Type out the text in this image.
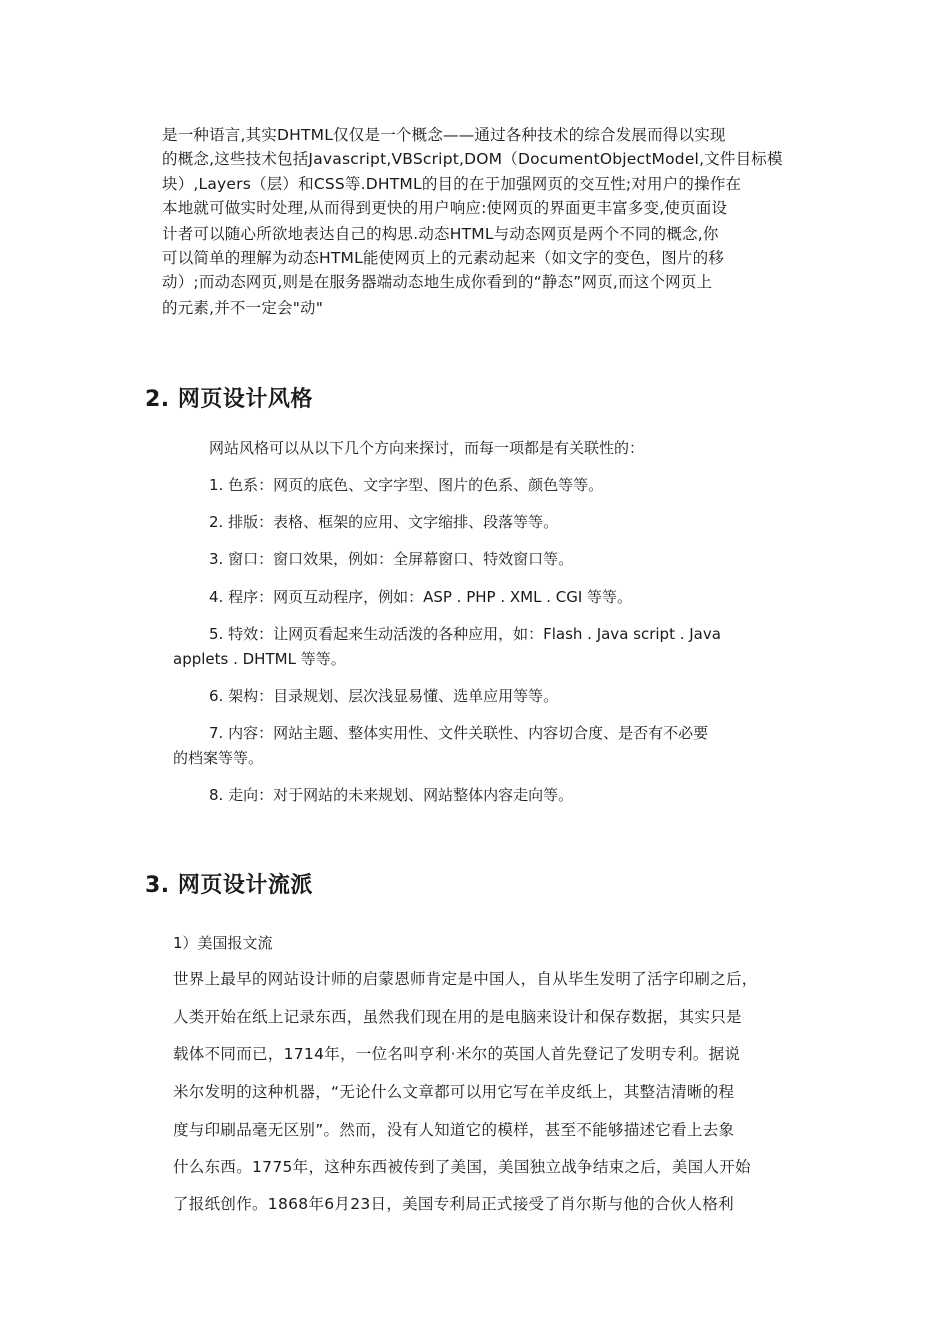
是一种语言,其实DHTML仅仅是一个概念——通过各种技术的综合发展而得以实现
的概念,这些技术包括Javascript,VBScript,DOM（DocumentObjectModel,文件目标模
块）,Layers（层）和CSS等.DHTML的目的在于加强网页的交互性;对用户的操作在
本地就可做实时处理,从而得到更快的用户响应:使网页的界面更丰富多变,使页面设
计者可以随心所欲地表达自己的构思.动态HTML与动态网页是两个不同的概念,你
可以简单的理解为动态HTML能使网页上的元素动起来（如文字的变色，图片的移
动）;而动态网页,则是在服务器端动态地生成你看到的“静态”网页,而这个网页上
的元素,并不一定会"动"
2. 网页设计风格
网站风格可以从以下几个方向来探讨，而每一项都是有关联性的：
1. 色系：网页的底色、文字字型、图片的色系、颜色等等。
2. 排版：表格、框架的应用、文字缩排、段落等等。
3. 窗口：窗口效果，例如：全屏幕窗口、特效窗口等。
4. 程序：网页互动程序，例如：ASP . PHP . XML . CGI 等等。
5. 特效：让网页看起来生动活泼的各种应用，如：Flash . Java script . Java
applets . DHTML 等等。
6. 架构：目录规划、层次浅显易懂、选单应用等等。
7. 内容：网站主题、整体实用性、文件关联性、内容切合度、是否有不必要
的档案等等。
8. 走向：对于网站的未来规划、网站整体内容走向等。
3. 网页设计流派
1）美国报文流
世界上最早的网站设计师的启蒙恩师肯定是中国人，自从毕生发明了活字印刷之后，
人类开始在纸上记录东西，虽然我们现在用的是电脑来设计和保存数据，其实只是
载体不同而已，1714年，一位名叫亨利·米尔的英国人首先登记了发明专利。据说
米尔发明的这种机器，“无论什么文章都可以用它写在羊皮纸上，其整洁清晰的程
度与印刷品毫无区别”。然而，没有人知道它的模样，甚至不能够描述它看上去象
什么东西。1775年，这种东西被传到了美国，美国独立战争结束之后，美国人开始
了报纸创作。1868年6月23日，美国专利局正式接受了肖尔斯与他的合伙人格利
